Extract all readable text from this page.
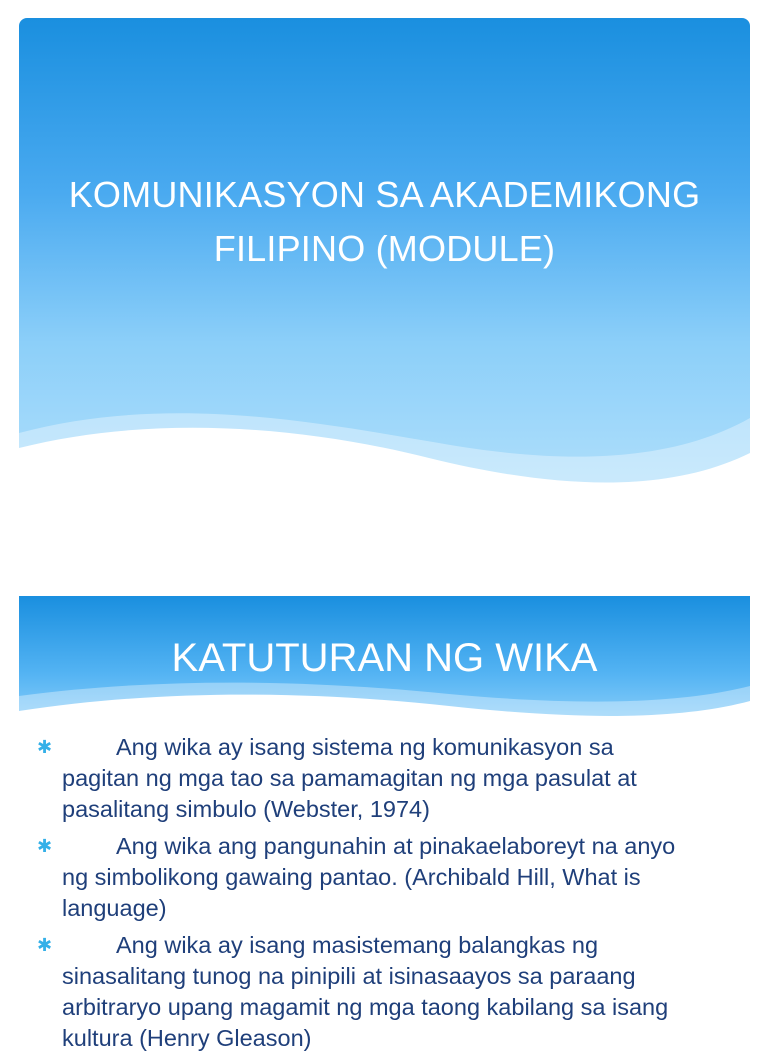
KOMUNIKASYON SA AKADEMIKONG FILIPINO (MODULE)
KATUTURAN NG WIKA
✱	Ang wika ay isang sistema ng komunikasyon sa pagitan ng mga tao sa pamamagitan ng mga pasulat at pasalitang simbulo (Webster, 1974)
✱	Ang wika ang pangunahin at pinakaelaboreyt na anyo ng simbolikong gawaing pantao. (Archibald Hill, What is language)
✱	Ang wika ay isang masistemang balangkas ng sinasalitang tunog na pinipili at isinasaayos sa paraang arbitraryo upang magamit ng mga taong kabilang sa isang kultura (Henry Gleason)
